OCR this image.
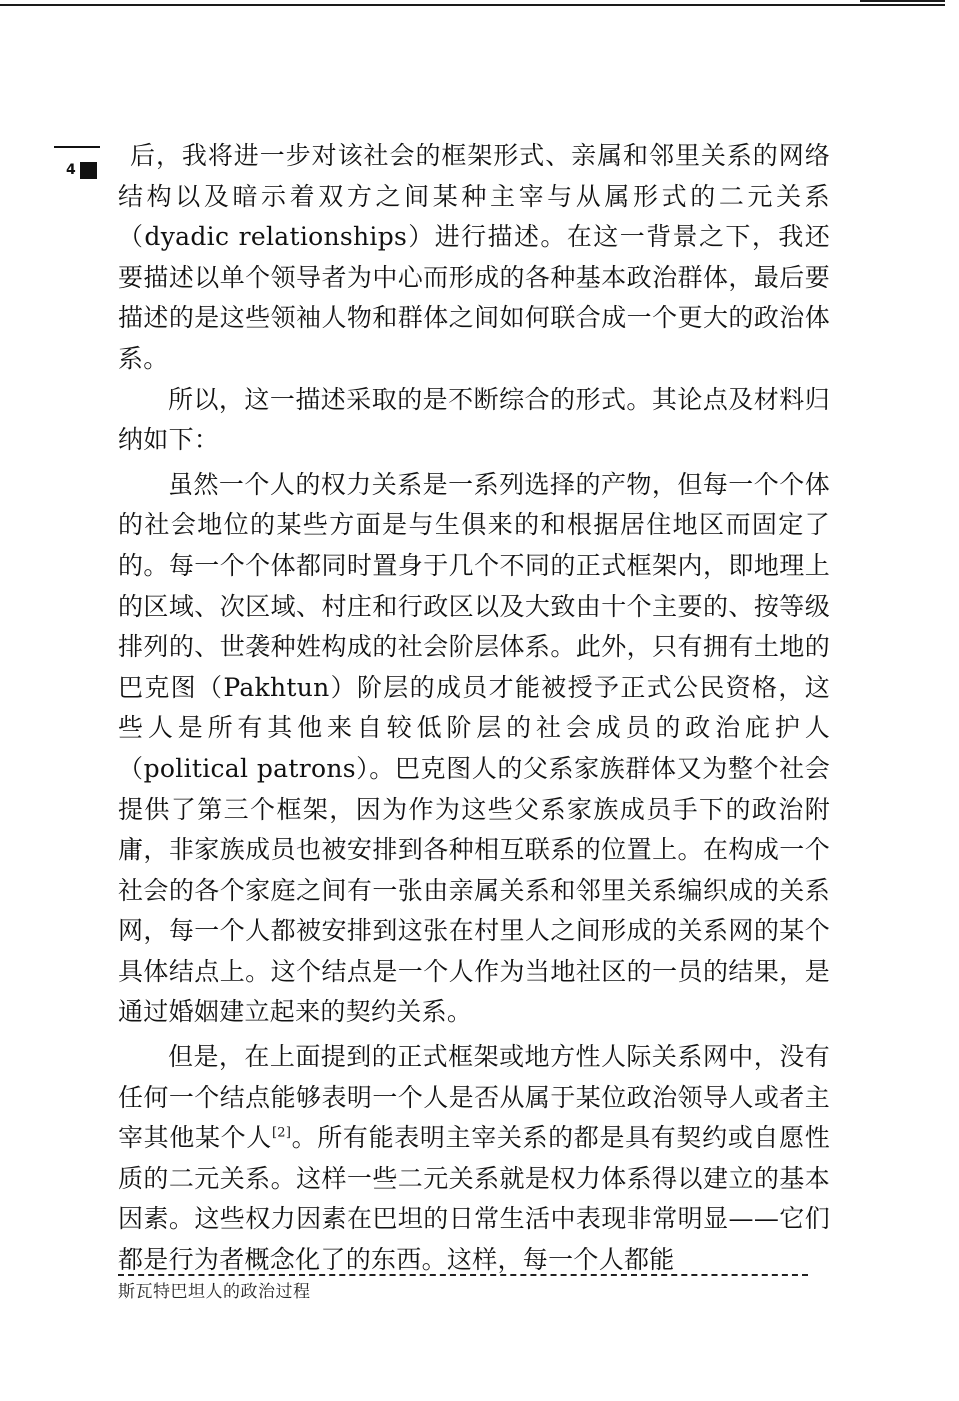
4	后，我将进一步对该社会的框架形式、亲属和邻里关系的网络结构以及暗示着双方之间某种主宰与从属形式的二元关系（dyadic relationships）进行描述。在这一背景之下，我还要描述以单个领导者为中心而形成的各种基本政治群体，最后要描述的是这些领袖人物和群体之间如何联合成一个更大的政治体系。

所以，这一描述采取的是不断综合的形式。其论点及材料归纳如下：

虽然一个人的权力关系是一系列选择的产物，但每一个个体的社会地位的某些方面是与生俱来的和根据居住地区而固定了的。每一个个体都同时置身于几个不同的正式框架内，即地理上的区域、次区域、村庄和行政区以及大致由十个主要的、按等级排列的、世袭种姓构成的社会阶层体系。此外，只有拥有土地的巴克图（Pakhtun）阶层的成员才能被授予正式公民资格，这些人是所有其他来自较低阶层的社会成员的政治庇护人（political patrons）。巴克图人的父系家族群体又为整个社会提供了第三个框架，因为作为这些父系家族成员手下的政治附庸，非家族成员也被安排到各种相互联系的位置上。在构成一个社会的各个家庭之间有一张由亲属关系和邻里关系编织成的关系网，每一个人都被安排到这张在村里人之间形成的关系网的某个具体结点上。这个结点是一个人作为当地社区的一员的结果，是通过婚姻建立起来的契约关系。

但是，在上面提到的正式框架或地方性人际关系网中，没有任何一个结点能够表明一个人是否从属于某位政治领导人或者主宰其他某个人[2]。所有能表明主宰关系的都是具有契约或自愿性质的二元关系。这样一些二元关系就是权力体系得以建立的基本因素。这些权力因素在巴坦的日常生活中表现非常明显——它们都是行为者概念化了的东西。这样，每一个人都能

斯瓦特巴坦人的政治过程
